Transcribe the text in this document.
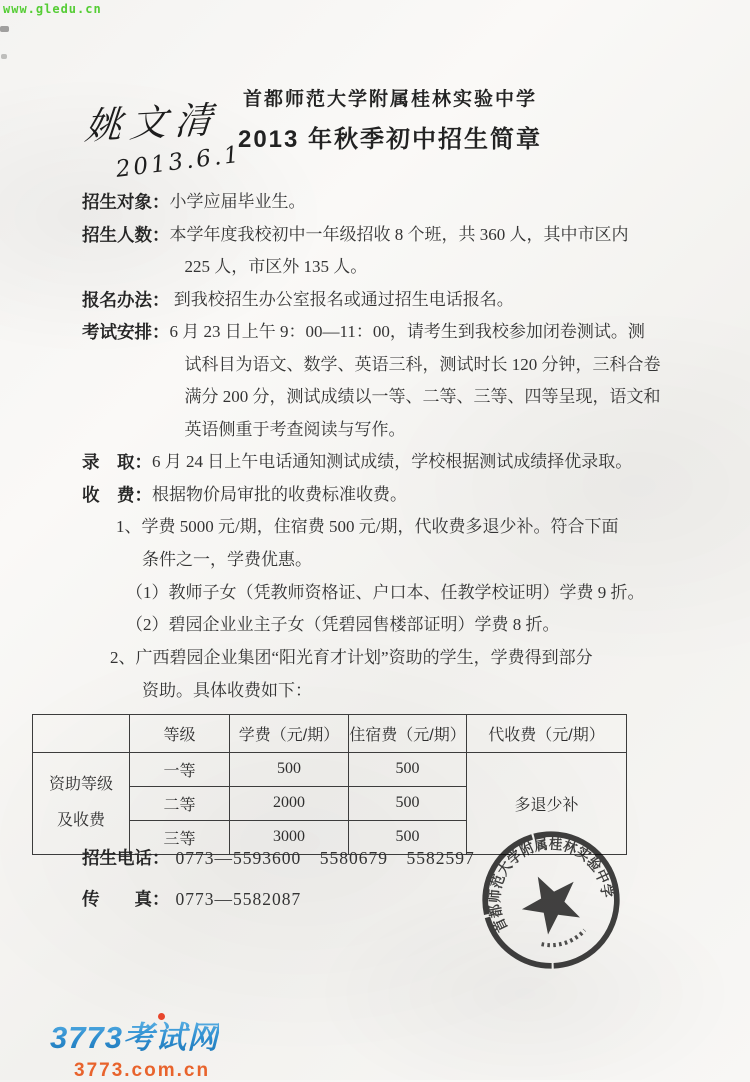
www.gledu.cn
姚文清
2013.6.1
首都师范大学附属桂林实验中学
2013 年秋季初中招生简章
招生对象： 小学应届毕业生。
招生人数： 本学年度我校初中一年级招收 8 个班，共 360 人，其中市区内
225 人，市区外 135 人。
报名办法： 到我校招生办公室报名或通过招生电话报名。
考试安排： 6 月 23 日上午 9：00—11：00，请考生到我校参加闭卷测试。测
试科目为语文、数学、英语三科，测试时长 120 分钟，三科合卷
满分 200 分，测试成绩以一等、二等、三等、四等呈现，语文和
英语侧重于考查阅读与写作。
录　取： 6 月 24 日上午电话通知测试成绩，学校根据测试成绩择优录取。
收　费： 根据物价局审批的收费标准收费。
1、学费 5000 元/期，住宿费 500 元/期，代收费多退少补。符合下面
条件之一，学费优惠。
（1）教师子女（凭教师资格证、户口本、任教学校证明）学费 9 折。
（2）碧园企业业主子女（凭碧园售楼部证明）学费 8 折。
2、广西碧园企业集团“阳光育才计划”资助的学生，学费得到部分
资助。具体收费如下：
	等级	学费（元/期）	住宿费（元/期）	代收费（元/期）

资助等级
及收费	一等	500	500	多退少补
	二等	2000	500	
	三等	3000	500	
招生电话： 0773—5593600　5580679　5582597
传　　真： 0773—5582087
首都师范大学附属桂林实验中学
3773考试网
3773.com.cn
